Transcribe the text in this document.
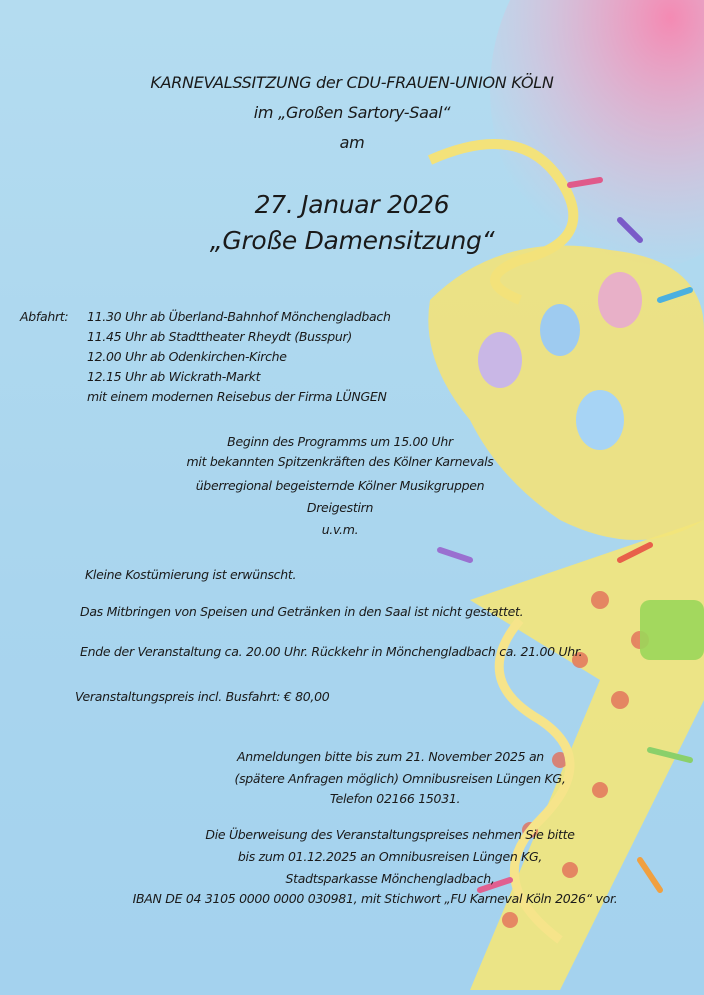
KARNEVALSSITZUNG der CDU-FRAUEN-UNION KÖLN
im „Großen Sartory-Saal“
am
27. Januar 2026
„Große Damensitzung“
Abfahrt: 11.30 Uhr ab Überland-Bahnhof Mönchengladbach
11.45 Uhr ab Stadttheater Rheydt (Busspur)
12.00 Uhr ab Odenkirchen-Kirche
12.15 Uhr ab Wickrath-Markt
mit einem modernen Reisebus der Firma LÜNGEN
Beginn des Programms um 15.00 Uhr
mit bekannten Spitzenkräften des Kölner Karnevals
überregional begeisternde Kölner Musikgruppen
Dreigestirn
u.v.m.
Kleine Kostümierung ist erwünscht.
Das Mitbringen von Speisen und Getränken in den Saal ist nicht gestattet.
Ende der Veranstaltung ca. 20.00 Uhr. Rückkehr in Mönchengladbach ca. 21.00 Uhr.
Veranstaltungspreis incl. Busfahrt: € 80,00
Anmeldungen bitte bis zum 21. November 2025 an
(spätere Anfragen möglich) Omnibusreisen Lüngen KG,
Telefon 02166 15031.
Die Überweisung des Veranstaltungspreises nehmen Sie bitte
bis zum 01.12.2025 an Omnibusreisen Lüngen KG,
Stadtsparkasse Mönchengladbach,
IBAN DE 04 3105 0000 0000 030981, mit Stichwort „FU Karneval Köln 2026“ vor.
